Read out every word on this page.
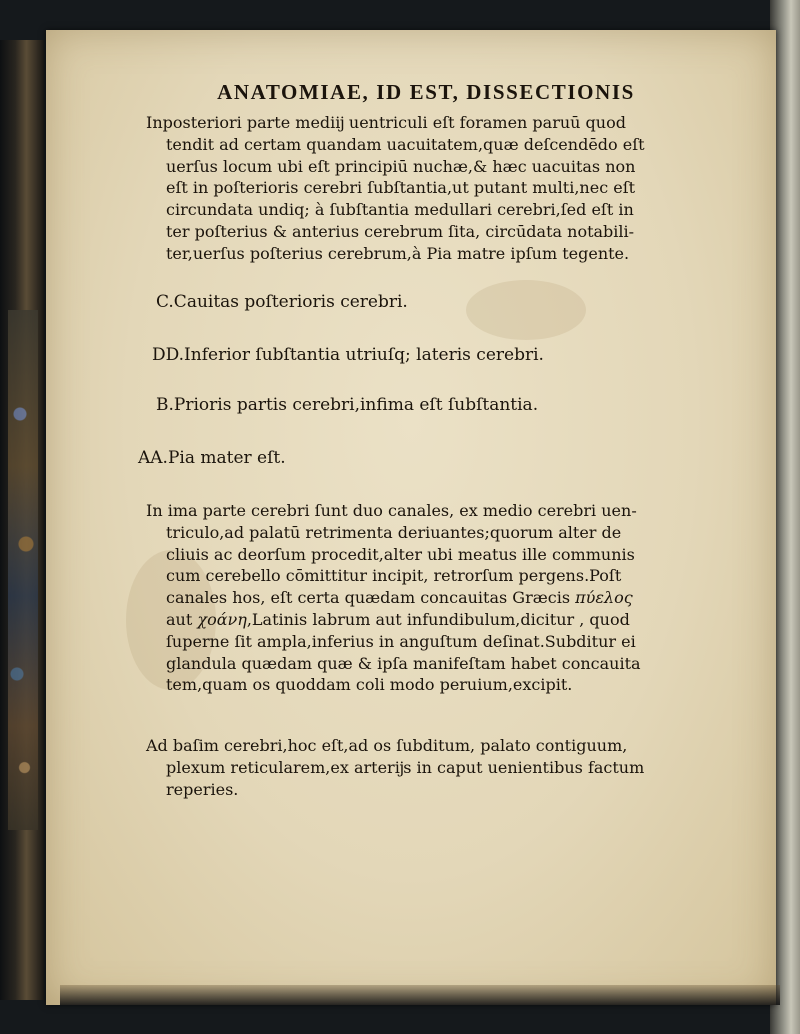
ANATOMIAE, ID EST, DISSECTIONIS
Inposteriori parte mediĳ uentriculi eſt foramen paruū quod
tendit ad certam quandam uacuitatem,quæ deſcendēdo eſt
uerſus locum ubi eſt principiū nuchæ,& hæc uacuitas non
eſt in poſterioris cerebri ſubſtantia,ut putant multi,nec eſt
circundata undiq; à ſubſtantia medullari cerebri,ſed eſt in
ter poſterius & anterius cerebrum ſita, circūdata notabili-
ter,uerſus poſterius cerebrum,à Pia matre ipſum tegente.
C.Cauitas poſterioris cerebri.
DD.Inferior ſubſtantia utriuſq; lateris cerebri.
B.Prioris partis cerebri,infima eſt ſubſtantia.
AA.Pia mater eſt.
In ima parte cerebri ſunt duo canales, ex medio cerebri uen-
triculo,ad palatū retrimenta deriuantes;quorum alter de
cliuis ac deorſum procedit,alter ubi meatus ille communis
cum cerebello cōmittitur incipit, retrorſum pergens.Poſt
canales hos, eſt certa quædam concauitas Græcis πύελος
aut χοάνη,Latinis labrum aut infundibulum,dicitur , quod
ſuperne ſit ampla,inferius in anguſtum deſinat.Subditur ei
glandula quædam quæ & ipſa manifeſtam habet concauita
tem,quam os quoddam coli modo peruium,excipit.
Ad baſim cerebri,hoc eſt,ad os ſubditum, palato contiguum,
plexum reticularem,ex arterĳs in caput uenientibus factum
reperies.
